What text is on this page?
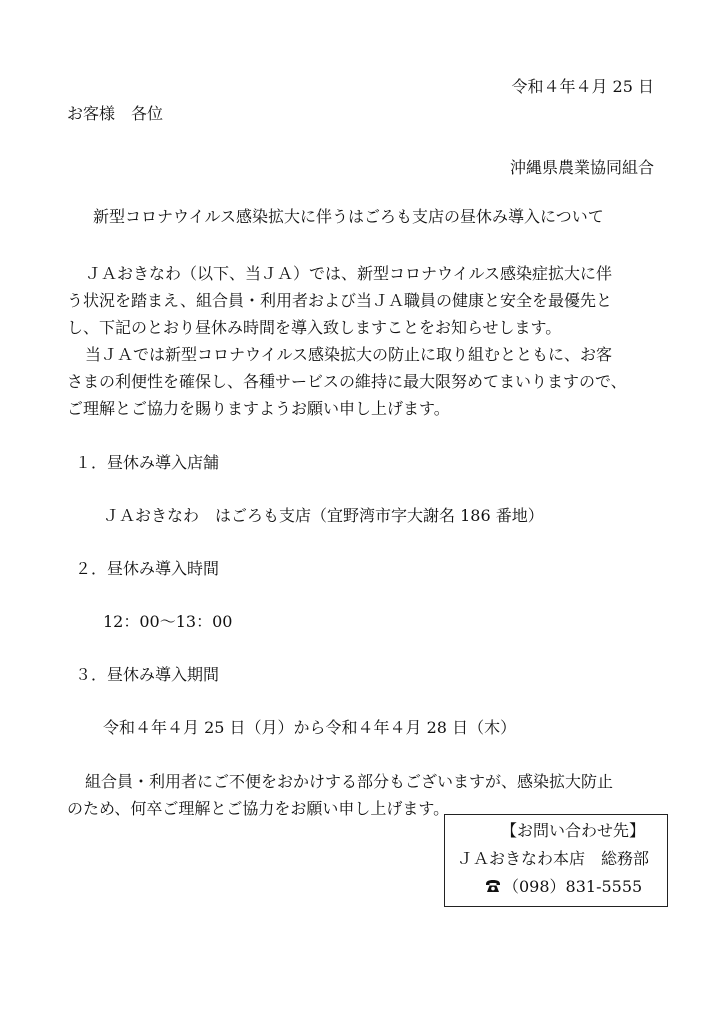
令和４年４月 25 日
お客様　各位
沖縄県農業協同組合
新型コロナウイルス感染拡大に伴うはごろも支店の昼休み導入について
ＪＡおきなわ（以下、当ＪＡ）では、新型コロナウイルス感染症拡大に伴
う状況を踏まえ、組合員・利用者および当ＪＡ職員の健康と安全を最優先と
し、下記のとおり昼休み時間を導入致しますことをお知らせします。
当ＪＡでは新型コロナウイルス感染拡大の防止に取り組むとともに、お客
さまの利便性を確保し、各種サービスの維持に最大限努めてまいりますので、
ご理解とご協力を賜りますようお願い申し上げます。
１．昼休み導入店舗
ＪＡおきなわ　はごろも支店（宜野湾市字大謝名 186 番地）
２．昼休み導入時間
12：00～13：00
３．昼休み導入期間
令和４年４月 25 日（月）から令和４年４月 28 日（木）
組合員・利用者にご不便をおかけする部分もございますが、感染拡大防止
のため、何卒ご理解とご協力をお願い申し上げます。
【お問い合わせ先】
ＪＡおきなわ本店　総務部
（098）831-5555
